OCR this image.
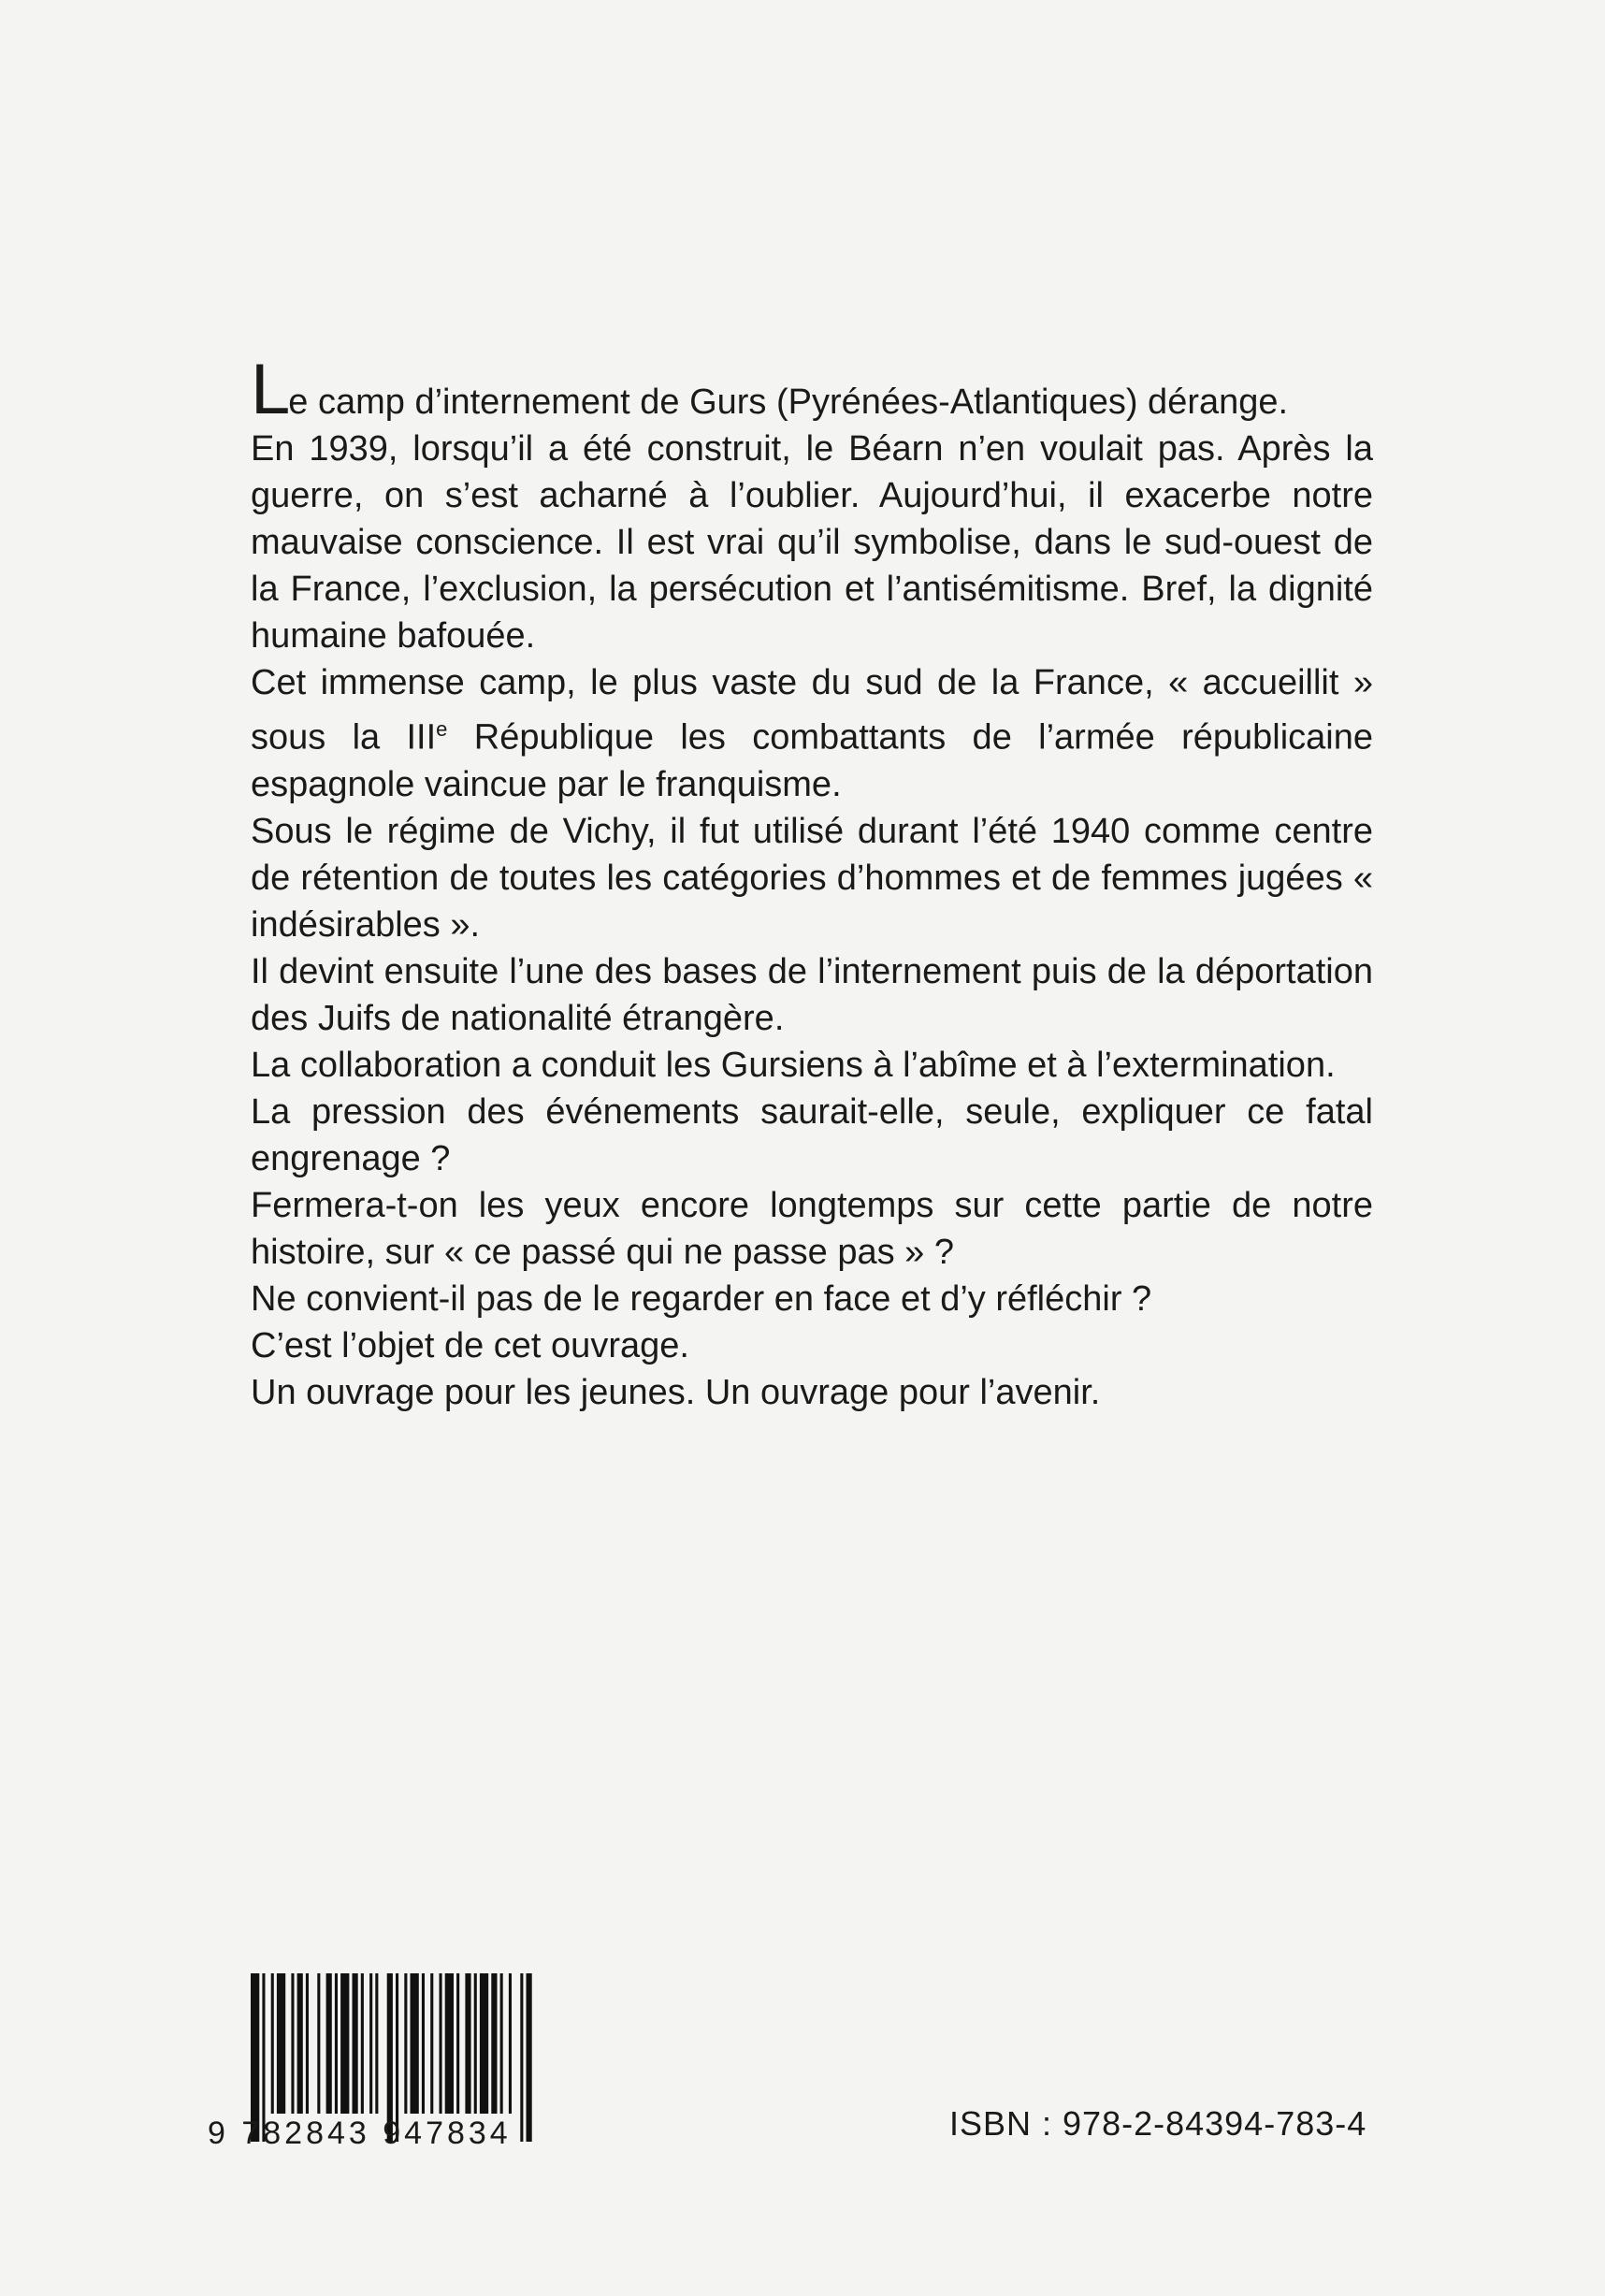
Le camp d’internement de Gurs (Pyrénées-Atlantiques) dérange.

En 1939, lorsqu’il a été construit, le Béarn n’en voulait pas. Après la guerre, on s’est acharné à l’oublier. Aujourd’hui, il exacerbe notre mauvaise conscience. Il est vrai qu’il symbolise, dans le sud-ouest de la France, l’exclusion, la persécution et l’antisémitisme. Bref, la dignité humaine bafouée.

Cet immense camp, le plus vaste du sud de la France, « accueillit » sous la IIIe République les combattants de l’armée républicaine espagnole vaincue par le franquisme.

Sous le régime de Vichy, il fut utilisé durant l’été 1940 comme centre de rétention de toutes les catégories d’hommes et de femmes jugées « indésirables ».

Il devint ensuite l’une des bases de l’internement puis de la déportation des Juifs de nationalité étrangère.

La collaboration a conduit les Gursiens à l’abîme et à l’extermination.

La pression des événements saurait-elle, seule, expliquer ce fatal engrenage ?

Fermera-t-on les yeux encore longtemps sur cette partie de notre histoire, sur « ce passé qui ne passe pas » ?

Ne convient-il pas de le regarder en face et d’y réfléchir ?

C’est l’objet de cet ouvrage.

Un ouvrage pour les jeunes. Un ouvrage pour l’avenir.

9 782843 947834	ISBN : 978-2-84394-783-4
